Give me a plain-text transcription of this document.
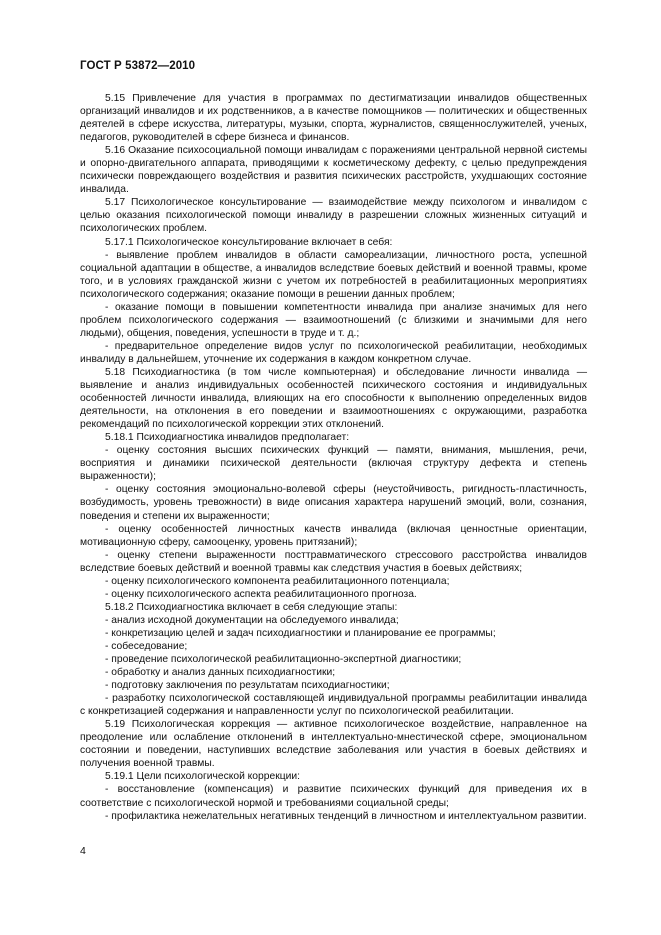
ГОСТ Р 53872—2010

5.15 Привлечение для участия в программах по дестигматизации инвалидов общественных организаций инвалидов и их родственников, а в качестве помощников — политических и общественных деятелей в сфере искусства, литературы, музыки, спорта, журналистов, священнослужителей, ученых, педагогов, руководителей в сфере бизнеса и финансов.

5.16 Оказание психосоциальной помощи инвалидам с поражениями центральной нервной системы и опорно-двигательного аппарата, приводящими к косметическому дефекту, с целью предупреждения психически повреждающего воздействия и развития психических расстройств, ухудшающих состояние инвалида.

5.17 Психологическое консультирование — взаимодействие между психологом и инвалидом с целью оказания психологической помощи инвалиду в разрешении сложных жизненных ситуаций и психологических проблем.

5.17.1 Психологическое консультирование включает в себя:

- выявление проблем инвалидов в области самореализации, личностного роста, успешной социальной адаптации в обществе, а инвалидов вследствие боевых действий и военной травмы, кроме того, и в условиях гражданской жизни с учетом их потребностей в реабилитационных мероприятиях психологического содержания; оказание помощи в решении данных проблем;

- оказание помощи в повышении компетентности инвалида при анализе значимых для него проблем психологического содержания — взаимоотношений (с близкими и значимыми для него людьми), общения, поведения, успешности в труде и т. д.;

- предварительное определение видов услуг по психологической реабилитации, необходимых инвалиду в дальнейшем, уточнение их содержания в каждом конкретном случае.

5.18 Психодиагностика (в том числе компьютерная) и обследование личности инвалида — выявление и анализ индивидуальных особенностей психического состояния и индивидуальных особенностей личности инвалида, влияющих на его способности к выполнению определенных видов деятельности, на отклонения в его поведении и взаимоотношениях с окружающими, разработка рекомендаций по психологической коррекции этих отклонений.

5.18.1 Психодиагностика инвалидов предполагает:

- оценку состояния высших психических функций — памяти, внимания, мышления, речи, восприятия и динамики психической деятельности (включая структуру дефекта и степень выраженности);

- оценку состояния эмоционально-волевой сферы (неустойчивость, ригидность-пластичность, возбудимость, уровень тревожности) в виде описания характера нарушений эмоций, воли, сознания, поведения и степени их выраженности;

- оценку особенностей личностных качеств инвалида (включая ценностные ориентации, мотивационную сферу, самооценку, уровень притязаний);

- оценку степени выраженности посттравматического стрессового расстройства инвалидов вследствие боевых действий и военной травмы как следствия участия в боевых действиях;

- оценку психологического компонента реабилитационного потенциала;

- оценку психологического аспекта реабилитационного прогноза.

5.18.2 Психодиагностика включает в себя следующие этапы:

- анализ исходной документации на обследуемого инвалида;

- конкретизацию целей и задач психодиагностики и планирование ее программы;

- собеседование;

- проведение психологической реабилитационно-экспертной диагностики;

- обработку и анализ данных психодиагностики;

- подготовку заключения по результатам психодиагностики;

- разработку психологической составляющей индивидуальной программы реабилитации инвалида с конкретизацией содержания и направленности услуг по психологической реабилитации.

5.19 Психологическая коррекция — активное психологическое воздействие, направленное на преодоление или ослабление отклонений в интеллектуально-мнестической сфере, эмоциональном состоянии и поведении, наступивших вследствие заболевания или участия в боевых действиях и получения военной травмы.

5.19.1 Цели психологической коррекции:

- восстановление (компенсация) и развитие психических функций для приведения их в соответствие с психологической нормой и требованиями социальной среды;

- профилактика нежелательных негативных тенденций в личностном и интеллектуальном развитии.

4
